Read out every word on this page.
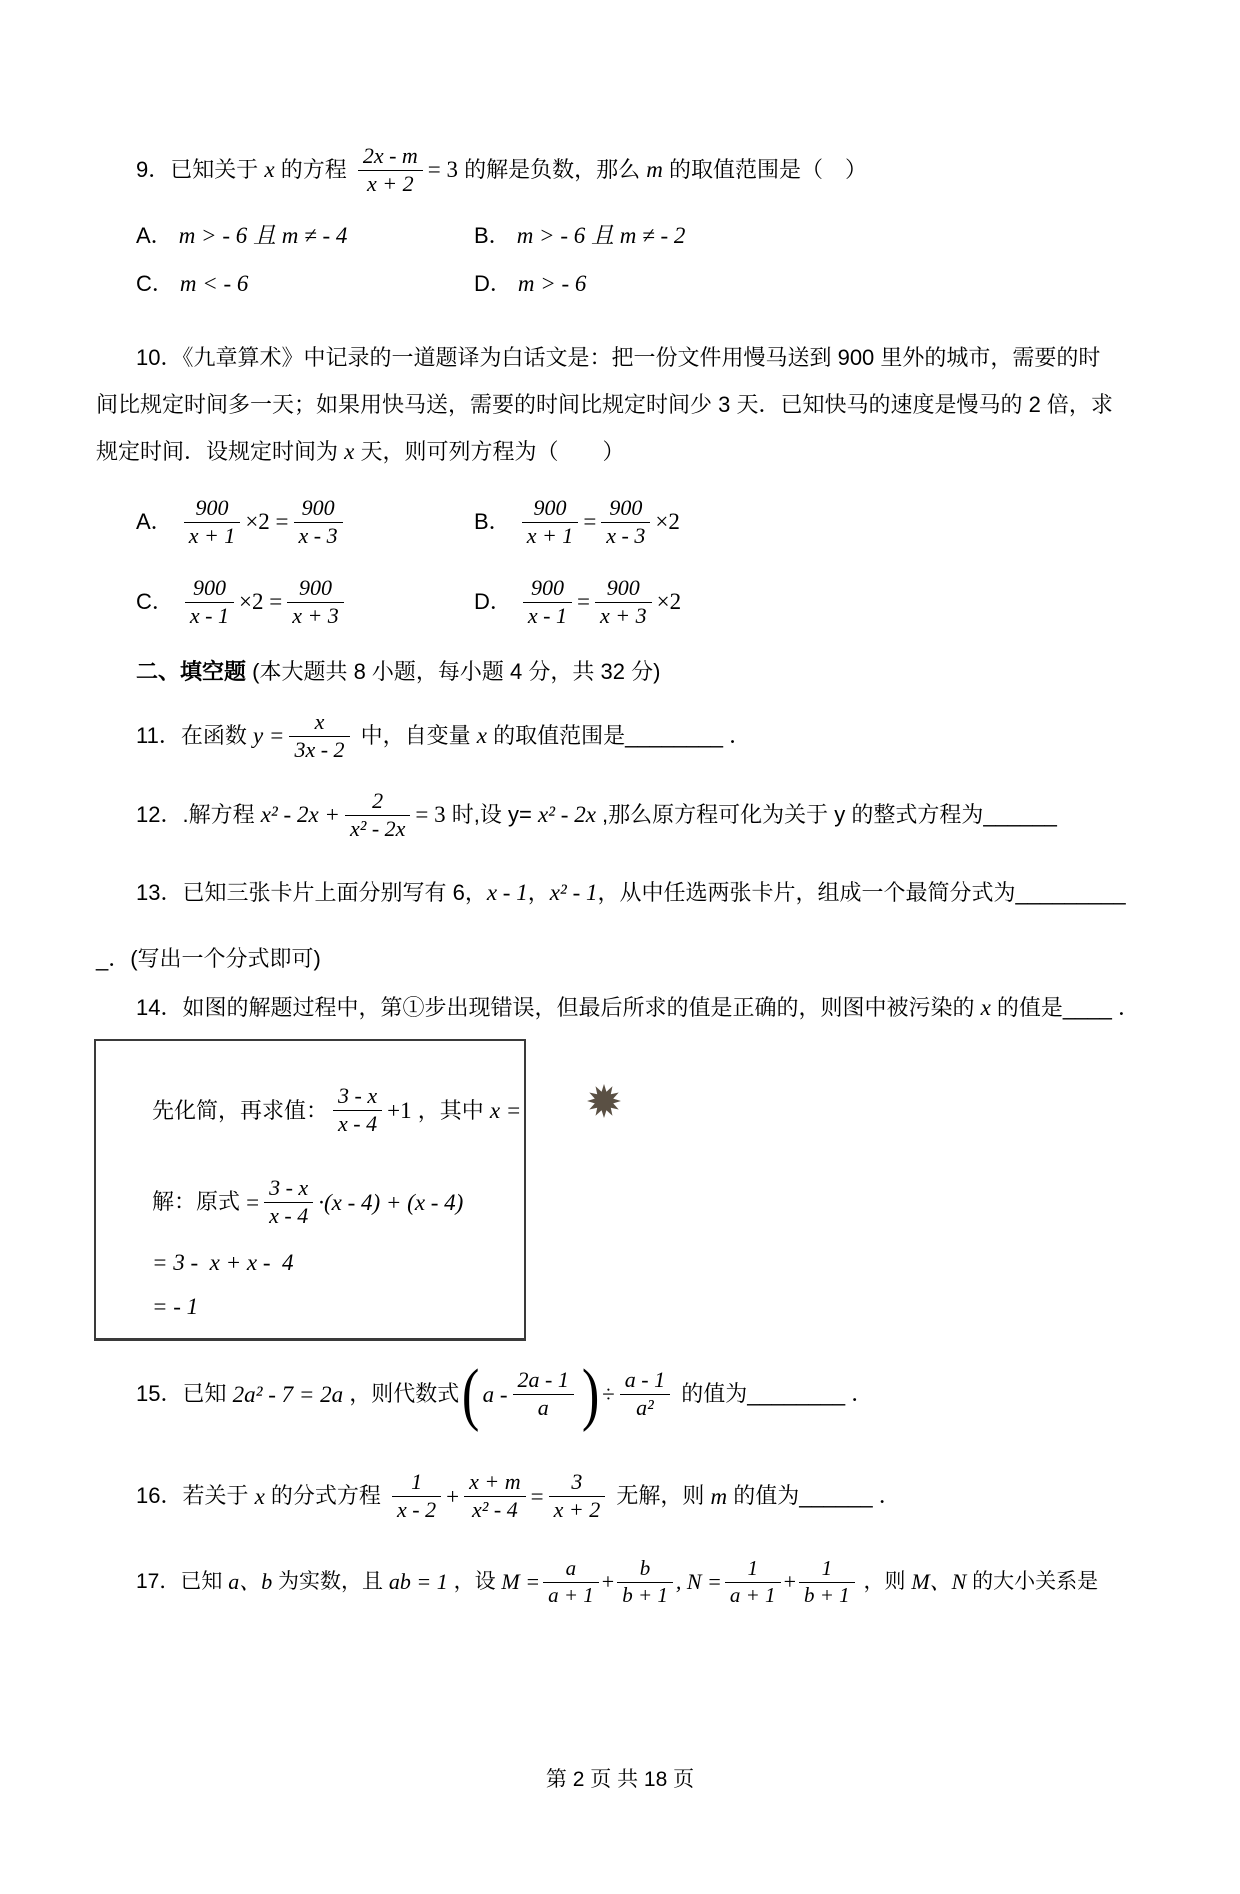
9．已知关于 x 的方程 $\frac{2x - m}{x + 2} = 3$ 的解是负数，那么 m 的取值范围是（　）
A． m > - 6 且 m ≠ - 4	B． m > - 6 且 m ≠ - 2
C． m < - 6	D． m > - 6
10．《九章算术》中记录的一道题译为白话文是：把一份文件用慢马送到 900 里外的城市，需要的时
间比规定时间多一天；如果用快马送，需要的时间比规定时间少 3 天．已知快马的速度是慢马的 2 倍，求
规定时间．设规定时间为 x 天，则可列方程为（　　）
A． $\frac{900}{x + 1} \times 2 = \frac{900}{x - 3}$	B． $\frac{900}{x + 1} = \frac{900}{x - 3} \times 2$
C． $\frac{900}{x - 1} \times 2 = \frac{900}{x + 3}$	D． $\frac{900}{x - 1} = \frac{900}{x + 3} \times 2$
二、填空题 (本大题共 8 小题，每小题 4 分，共 32 分)
11．在函数 $y = \frac{x}{3x - 2}$ 中，自变量 x 的取值范围是________ ．
12．.解方程 $x^2 - 2x + \frac{2}{\text{x² - 2x}} = 3$ 时,设 y= x² - 2x ,那么原方程可化为关于 y 的整式方程为______
13．已知三张卡片上面分别写有 6， x - 1 ， x² - 1 ，从中任选两张卡片，组成一个最简分式为_________
_．(写出一个分式即可)
14．如图的解题过程中，第①步出现错误，但最后所求的值是正确的，则图中被污染的 x 的值是____ ．
先化简，再求值： $\frac{3 - x}{x - 4} +1$ ，其中 x =

解：原式 = $\frac{3 - x}{x - 4} \cdot(x - 4) + (x - 4)$
= 3 -  x + x -  4
= - 1
15．已知 2a² - 7 = 2a ，则代数式 ( a - $\frac{2a - 1}{a}$ ) ÷ $\frac{a - 1}{\text{a²}}$ 的值为________ ．
16．若关于 x 的分式方程 $\frac{1}{x - 2} + \frac{x + m}{\text{x² - 4}} = \frac{3}{x + 2}$ 无解，则 m 的值为______ ．
17．已知 a、b 为实数，且 ab = 1 ，设 $M = \frac{a}{a + 1} + \frac{b}{b + 1}$ , $N = \frac{1}{a + 1} + \frac{1}{b + 1}$ ，则 M、N 的大小关系是
第 2 页 共 18 页
